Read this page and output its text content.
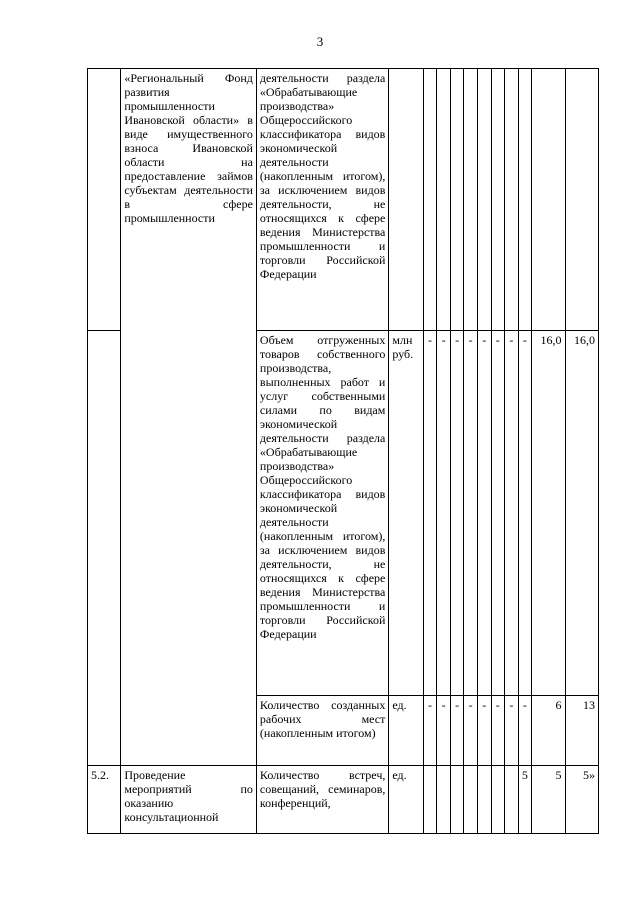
3
	«Региональный Фонд развития промышленности Ивановской области» в виде имущественного взноса Ивановской области на предоставление займов субъектам деятельности в сфере промышленности	деятельности раздела «Обрабатывающие производства» Общероссийского классификатора видов экономической деятельности (накопленным итогом), за исключением видов деятельности, не относящихся к сфере ведения Министерства промышленности и торговли Российской Федерации											
		Объем отгруженных товаров собственного производства, выполненных работ и услуг собственными силами по видам экономической деятельности раздела «Обрабатывающие производства» Общероссийского классификатора видов экономической деятельности (накопленным итогом), за исключением видов деятельности, не относящихся к сфере ведения Министерства промышленности и торговли Российской Федерации	млн руб.	-	-	-	-	-	-	-	-	16,0	16,0
		Количество созданных рабочих мест (накопленным итогом)	ед.	-	-	-	-	-	-	-	-	6	13
5.2.	Проведение мероприятий по оказанию консультационной	Количество встреч, совещаний, семинаров, конференций,	ед.								5	5	5»
